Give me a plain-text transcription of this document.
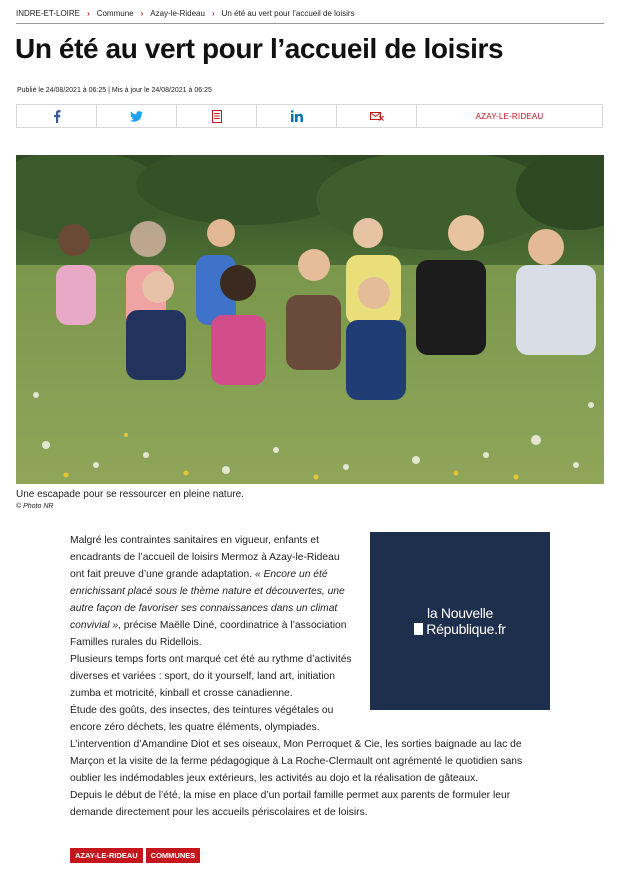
INDRE-ET-LOIRE › Commune › Azay-le-Rideau › Un été au vert pour l’accueil de loisirs
Un été au vert pour l’accueil de loisirs
Publié le 24/08/2021 à 06:25 | Mis à jour le 24/08/2021 à 06:25
AZAY-LE-RIDEAU
Une escapade pour se ressourcer en pleine nature.
© Photo NR
la Nouvelle
République.fr

Malgré les contraintes sanitaires en vigueur, enfants et encadrants de l’accueil de loisirs Mermoz à Azay-le-Rideau ont fait preuve d’une grande adaptation. « Encore un été enrichissant placé sous le thème nature et découvertes, une autre façon de favoriser ses connaissances dans un climat convivial », précise Maëlle Diné, coordinatrice à l’association Familles rurales du Ridellois.

Plusieurs temps forts ont marqué cet été au rythme d’activités diverses et variées : sport, do it yourself, land art, initiation zumba et motricité, kinball et crosse canadienne.

Étude des goûts, des insectes, des teintures végétales ou encore zéro déchets, les quatre éléments, olympiades.

L’intervention d’Amandine Diot et ses oiseaux, Mon Perroquet & Cie, les sorties baignade au lac de Marçon et la visite de la ferme pédagogique à La Roche-Clermault ont agrémenté le quotidien sans oublier les indémodables jeux extérieurs, les activités au dojo et la réalisation de gâteaux.

Depuis le début de l’été, la mise en place d’un portail famille permet aux parents de formuler leur demande directement pour les accueils périscolaires et de loisirs.

AZAY-LE-RIDEAU	COMMUNES
